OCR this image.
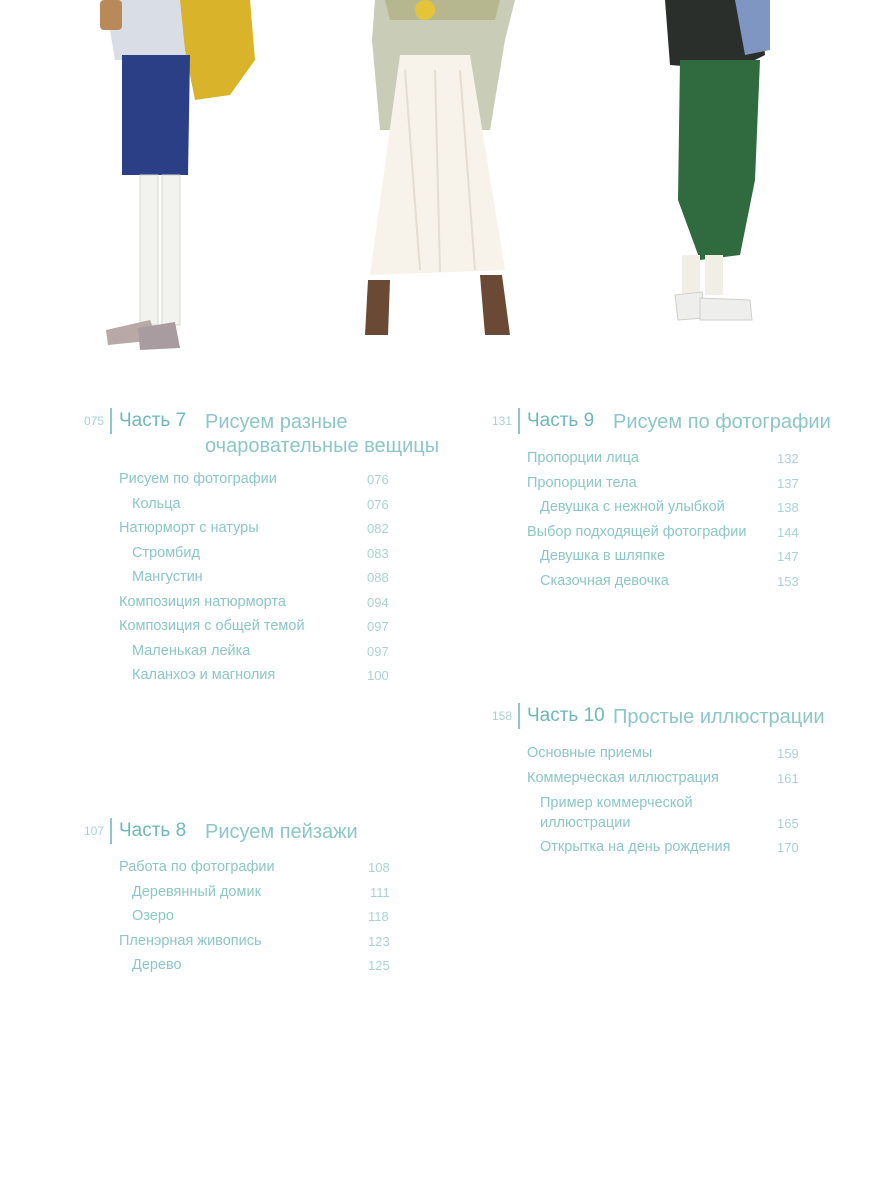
075 Часть 7 Рисуем разные
очаровательные вещицы
Рисуем по фотографии	076
Кольца	076
Натюрморт с натуры	082
Стромбид	083
Мангустин	088
Композиция натюрморта	094
Композиция с общей темой	097
Маленькая лейка	097
Каланхоэ и магнолия	100
107 Часть 8 Рисуем пейзажи
Работа по фотографии	108
Деревянный домик	111
Озеро	118
Пленэрная живопись	123
Дерево	125
131 Часть 9 Рисуем по фотографии
Пропорции лица	132
Пропорции тела	137
Девушка с нежной улыбкой	138
Выбор подходящей фотографии 144
Девушка в шляпке	147
Сказочная девочка	153
158 Часть 10 Простые иллюстрации
Основные приемы	159
Коммерческая иллюстрация	161
Пример коммерческой
иллюстрации	165
Открытка на день рождения	170
